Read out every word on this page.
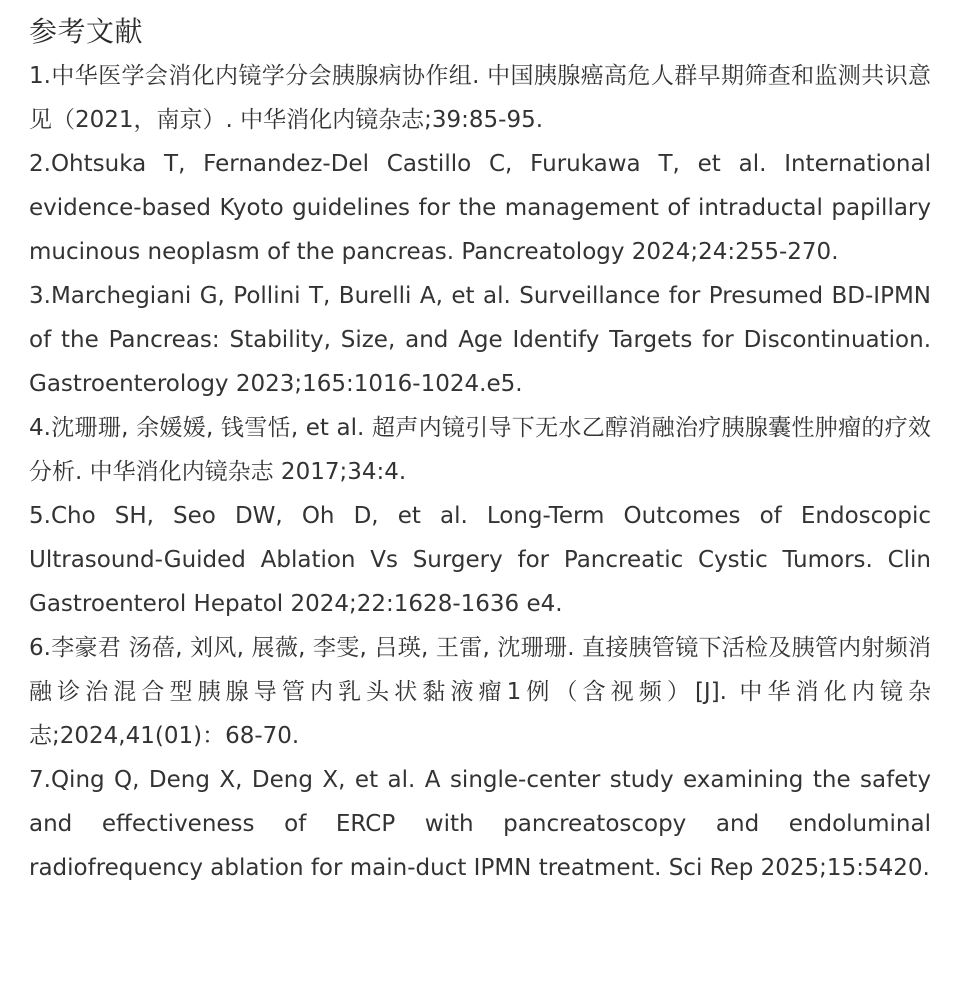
参考文献
1.中华医学会消化内镜学分会胰腺病协作组. 中国胰腺癌高危人群早期筛查和监测共识意见（2021，南京）. 中华消化内镜杂志;39:85-95.
2.Ohtsuka T, Fernandez-Del Castillo C, Furukawa T, et al. International evidence-based Kyoto guidelines for the management of intraductal papillary mucinous neoplasm of the pancreas. Pancreatology 2024;24:255-270.
3.Marchegiani G, Pollini T, Burelli A, et al. Surveillance for Presumed BD-IPMN of the Pancreas: Stability, Size, and Age Identify Targets for Discontinuation. Gastroenterology 2023;165:1016-1024.e5.
4.沈珊珊, 余媛媛, 钱雪恬, et al. 超声内镜引导下无水乙醇消融治疗胰腺囊性肿瘤的疗效分析. 中华消化内镜杂志 2017;34:4.
5.Cho SH, Seo DW, Oh D, et al. Long-Term Outcomes of Endoscopic Ultrasound-Guided Ablation Vs Surgery for Pancreatic Cystic Tumors. Clin Gastroenterol Hepatol 2024;22:1628-1636 e4.
6.李豪君 汤蓓, 刘风, 展薇, 李雯, 吕瑛, 王雷, 沈珊珊. 直接胰管镜下活检及胰管内射频消融诊治混合型胰腺导管内乳头状黏液瘤1例（含视频）[J]. 中华消化内镜杂志;2024,41(01)：68-70.
7.Qing Q, Deng X, Deng X, et al. A single-center study examining the safety and effectiveness of ERCP with pancreatoscopy and endoluminal radiofrequency ablation for main-duct IPMN treatment. Sci Rep 2025;15:5420.
